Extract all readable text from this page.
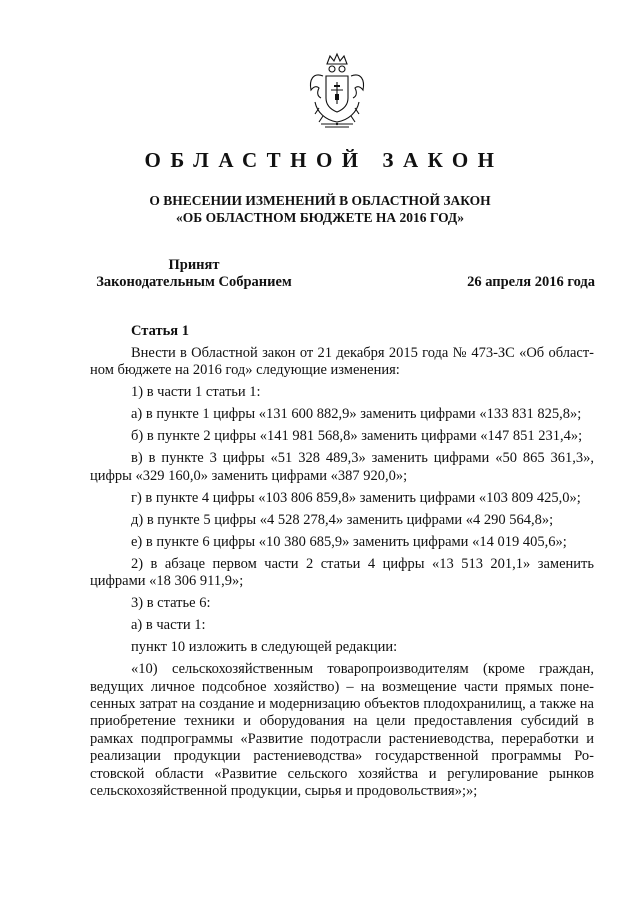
ОБЛАСТНОЙ ЗАКОН
О ВНЕСЕНИИ ИЗМЕНЕНИЙ В ОБЛАСТНОЙ ЗАКОН
«ОБ ОБЛАСТНОМ БЮДЖЕТЕ НА 2016 ГОД»
Принят
Законодательным Собранием	26 апреля 2016 года
Статья 1

Внести в Областной закон от 21 декабря 2015 года № 473-ЗС «Об областном бюджете на 2016 год» следующие изменения:

1) в части 1 статьи 1:

а) в пункте 1 цифры «131 600 882,9» заменить цифрами «133 831 825,8»;

б) в пункте 2 цифры «141 981 568,8» заменить цифрами «147 851 231,4»;

в) в пункте 3 цифры «51 328 489,3» заменить цифрами «50 865 361,3», цифры «329 160,0» заменить цифрами «387 920,0»;

г) в пункте 4 цифры «103 806 859,8» заменить цифрами «103 809 425,0»;

д) в пункте 5 цифры «4 528 278,4» заменить цифрами «4 290 564,8»;

е) в пункте 6 цифры «10 380 685,9» заменить цифрами «14 019 405,6»;

2) в абзаце первом части 2 статьи 4 цифры «13 513 201,1» заменить цифрами «18 306 911,9»;

3) в статье 6:

а) в части 1:

пункт 10 изложить в следующей редакции:

«10) сельскохозяйственным товаропроизводителям (кроме граждан, ведущих личное подсобное хозяйство) – на возмещение части прямых понесенных затрат на создание и модернизацию объектов плодохранилищ, а также на приобретение техники и оборудования на цели предоставления субсидий в рамках подпрограммы «Развитие подотрасли растениеводства, переработки и реализации продукции растениеводства» государственной программы Ростовской области «Развитие сельского хозяйства и регулирование рынков сельскохозяйственной продукции, сырья и продовольствия»;»;
